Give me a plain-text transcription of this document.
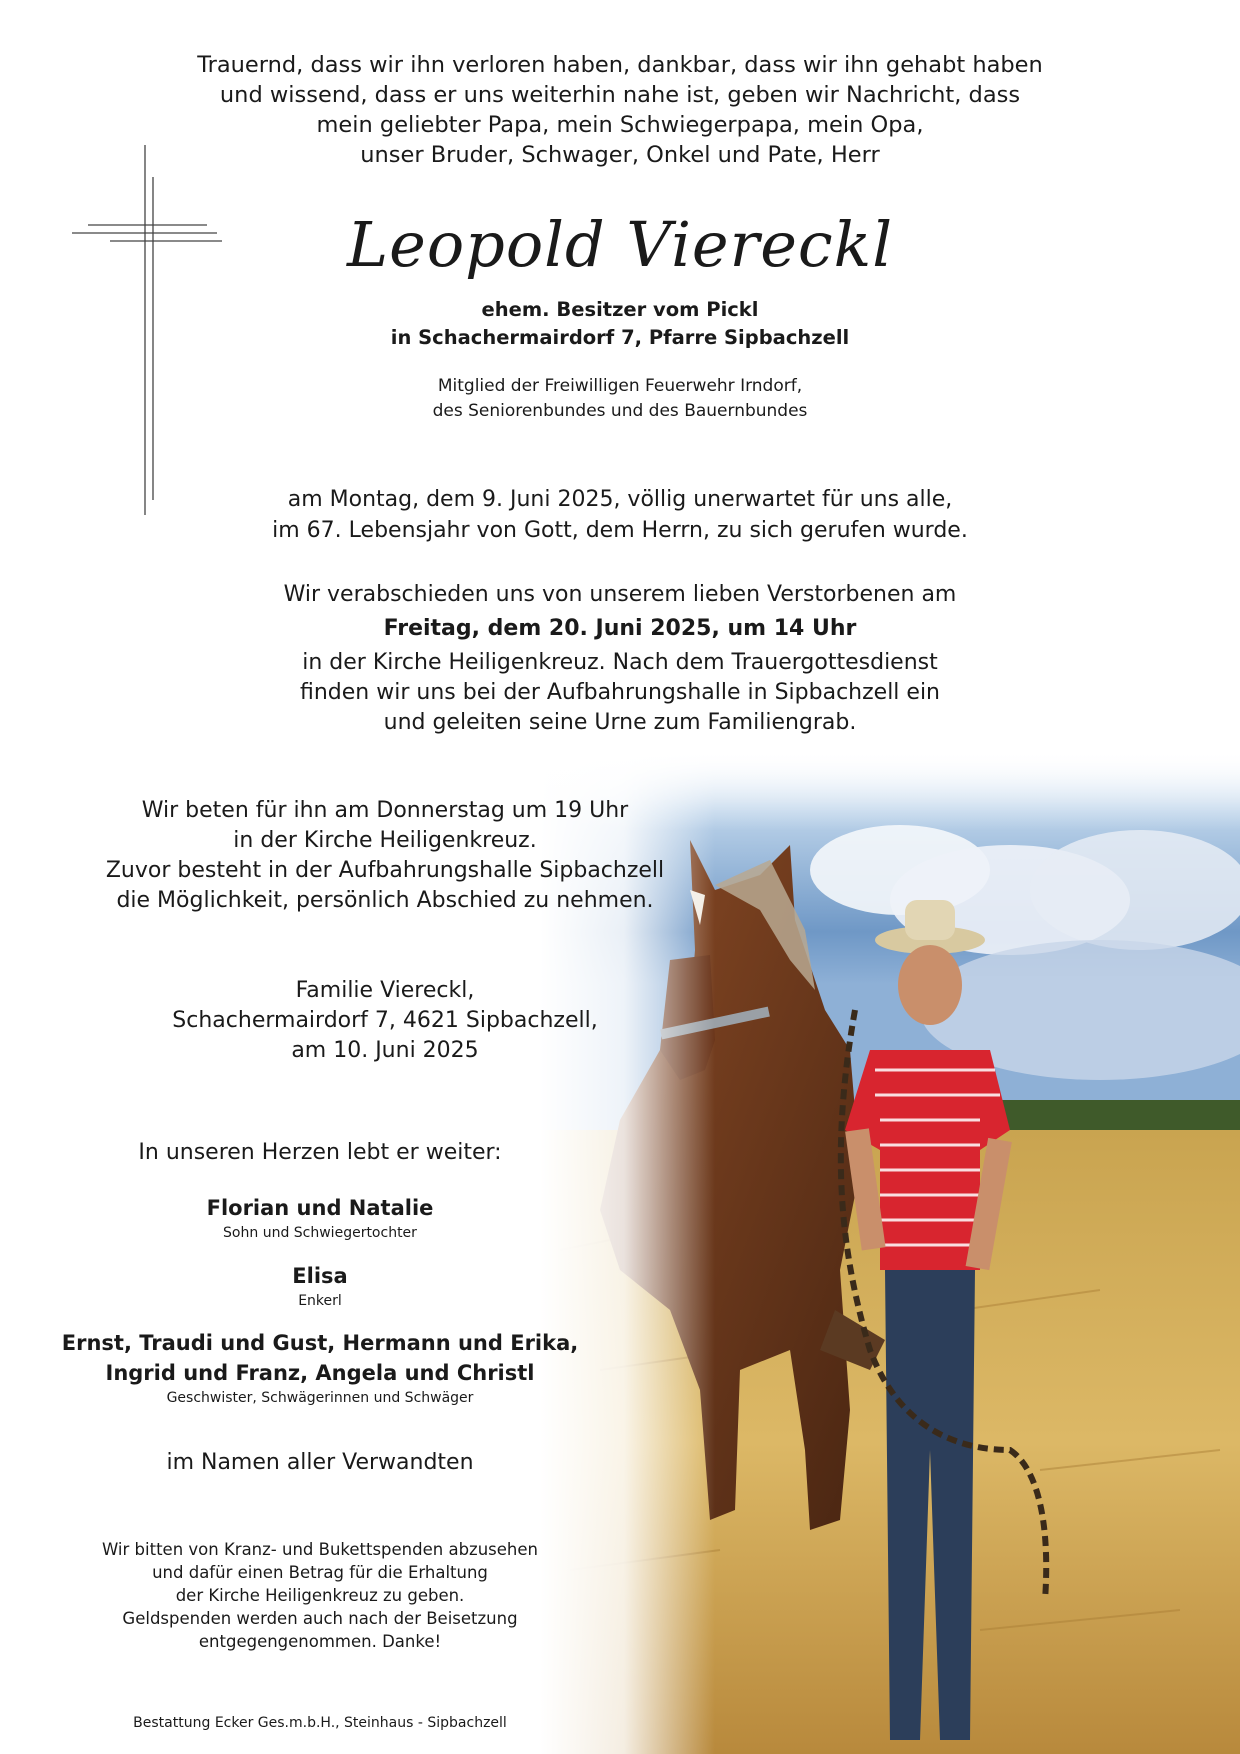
Trauernd, dass wir ihn verloren haben, dankbar, dass wir ihn gehabt haben
und wissend, dass er uns weiterhin nahe ist, geben wir Nachricht, dass
mein geliebter Papa, mein Schwiegerpapa, mein Opa,
unser Bruder, Schwager, Onkel und Pate, Herr
Leopold Viereckl
ehem. Besitzer vom Pickl
in Schachermairdorf 7, Pfarre Sipbachzell
Mitglied der Freiwilligen Feuerwehr Irndorf,
des Seniorenbundes und des Bauernbundes
am Montag, dem 9. Juni 2025, völlig unerwartet für uns alle,
im 67. Lebensjahr von Gott, dem Herrn, zu sich gerufen wurde.
Wir verabschieden uns von unserem lieben Verstorbenen am
Freitag, dem 20. Juni 2025, um 14 Uhr
in der Kirche Heiligenkreuz. Nach dem Trauergottesdienst
finden wir uns bei der Aufbahrungshalle in Sipbachzell ein
und geleiten seine Urne zum Familiengrab.
Wir beten für ihn am Donnerstag um 19 Uhr
in der Kirche Heiligenkreuz.
Zuvor besteht in der Aufbahrungshalle Sipbachzell
die Möglichkeit, persönlich Abschied zu nehmen.
Familie Viereckl,
Schachermairdorf 7, 4621 Sipbachzell,
am 10. Juni 2025
In unseren Herzen lebt er weiter:
Florian und Natalie
Sohn und Schwiegertochter
Elisa
Enkerl
Ernst, Traudi und Gust, Hermann und Erika,
Ingrid und Franz, Angela und Christl
Geschwister, Schwägerinnen und Schwäger
im Namen aller Verwandten
Wir bitten von Kranz- und Bukettspenden abzusehen
und dafür einen Betrag für die Erhaltung
der Kirche Heiligenkreuz zu geben.
Geldspenden werden auch nach der Beisetzung
entgegengenommen. Danke!
Bestattung Ecker Ges.m.b.H., Steinhaus - Sipbachzell
